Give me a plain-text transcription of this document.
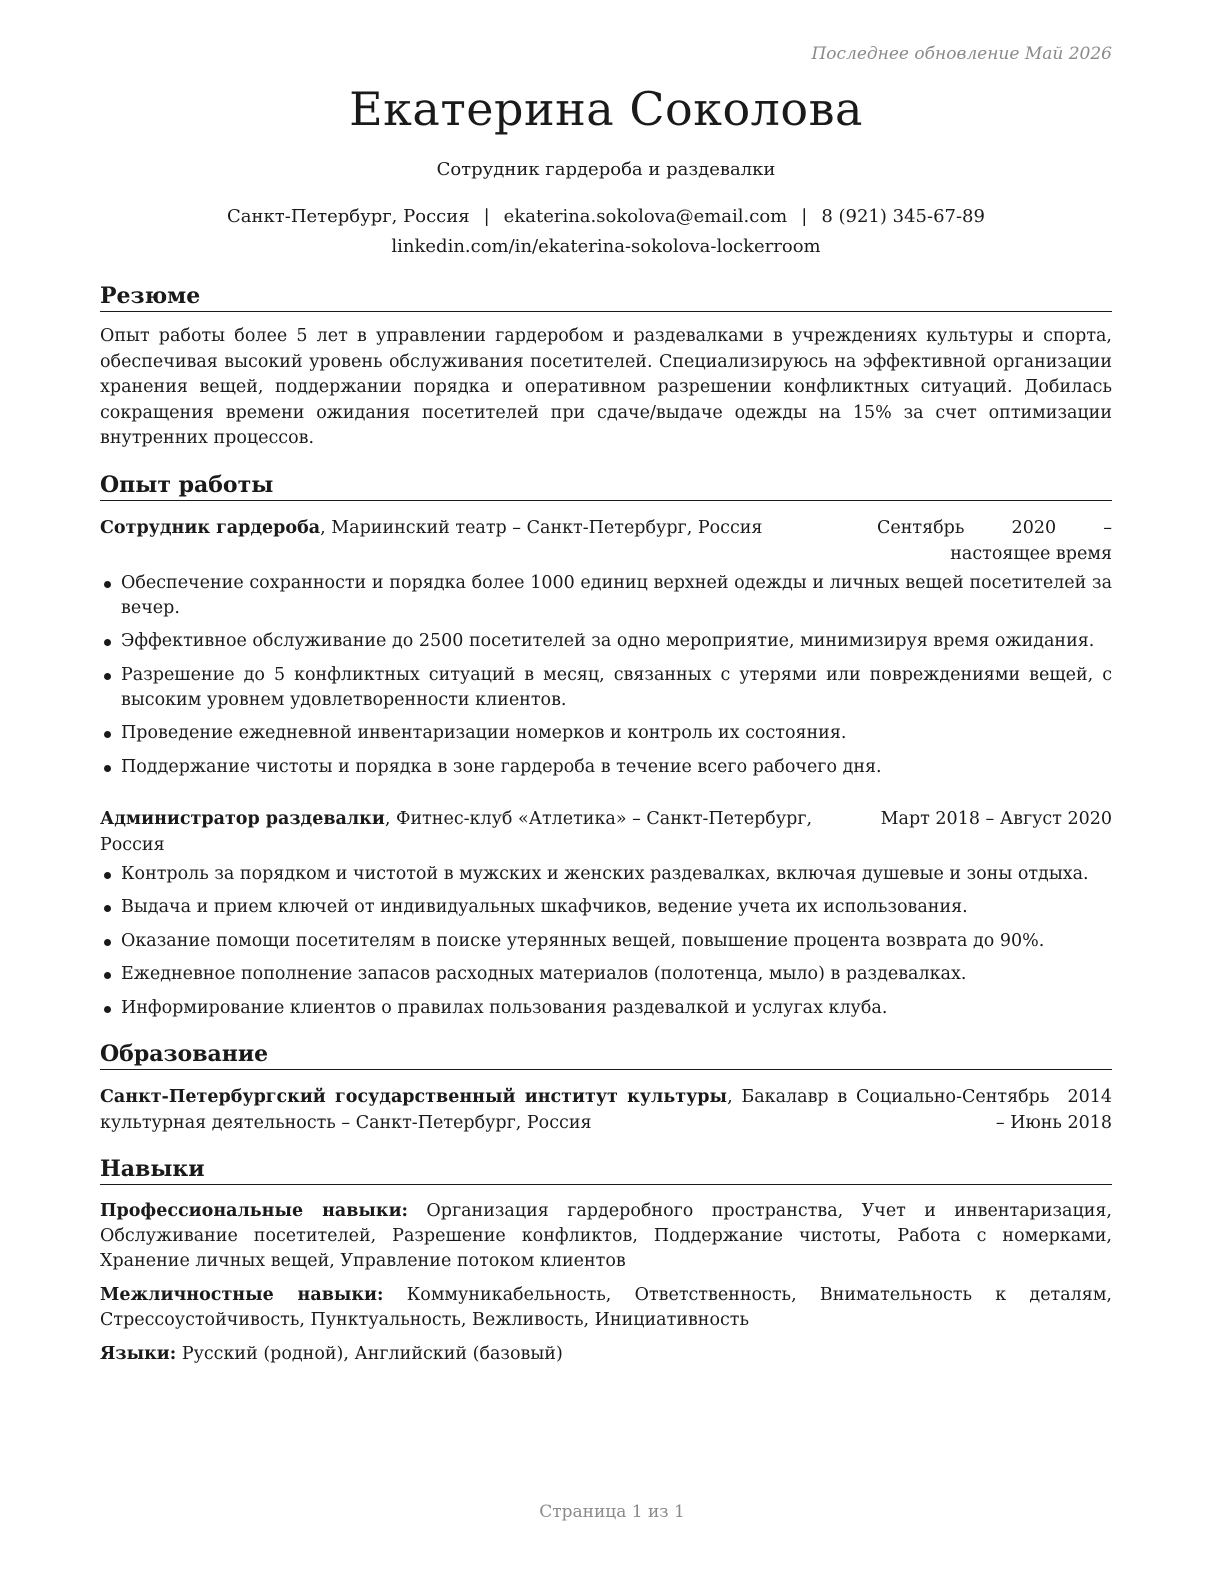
Последнее обновление Май 2026
Екатерина Соколова
Сотрудник гардероба и раздевалки
Санкт-Петербург, Россия | ekaterina.sokolova@email.com | 8 (921) 345-67-89
linkedin.com/in/ekaterina-sokolova-lockerroom
Резюме

Опыт работы более 5 лет в управлении гардеробом и раздевалками в учреждениях культуры и спорта, обеспечивая высокий уровень обслуживания посетителей. Специализируюсь на эффективной организации хранения вещей, поддержании порядка и оперативном разрешении конфликтных ситуаций. Добилась сокращения времени ожидания посетителей при сдаче/выдаче одежды на 15% за счет оптимизации внутренних процессов.

Опыт работы
Сотрудник гардероба, Мариинский театр – Санкт-Петербург, Россия	Сентябрь 2020 – настоящее время
Обеспечение сохранности и порядка более 1000 единиц верхней одежды и личных вещей посетителей за вечер.
Эффективное обслуживание до 2500 посетителей за одно мероприятие, минимизируя время ожидания.
Разрешение до 5 конфликтных ситуаций в месяц, связанных с утерями или повреждениями вещей, с высоким уровнем удовлетворенности клиентов.
Проведение ежедневной инвентаризации номерков и контроль их состояния.
Поддержание чистоты и порядка в зоне гардероба в течение всего рабочего дня.
Администратор раздевалки, Фитнес-клуб «Атлетика» – Санкт-Петербург, Россия
Март 2018 – Август 2020
Контроль за порядком и чистотой в мужских и женских раздевалках, включая душевые и зоны отдыха.
Выдача и прием ключей от индивидуальных шкафчиков, ведение учета их использования.
Оказание помощи посетителям в поиске утерянных вещей, повышение процента возврата до 90%.
Ежедневное пополнение запасов расходных материалов (полотенца, мыло) в раздевалках.
Информирование клиентов о правилах пользования раздевалкой и услугах клуба.
Образование
Санкт-Петербургский государственный институт культуры, Бакалавр в Социально-культурная деятельность – Санкт-Петербург, Россия
Сентябрь 2014 – Июнь 2018
Навыки

Профессиональные навыки: Организация гардеробного пространства, Учет и инвентаризация, Обслуживание посетителей, Разрешение конфликтов, Поддержание чистоты, Работа с номерками, Хранение личных вещей, Управление потоком клиентов

Межличностные навыки: Коммуникабельность, Ответственность, Внимательность к деталям, Стрессоустойчивость, Пунктуальность, Вежливость, Инициативность

Языки: Русский (родной), Английский (базовый)

Страница 1 из 1
